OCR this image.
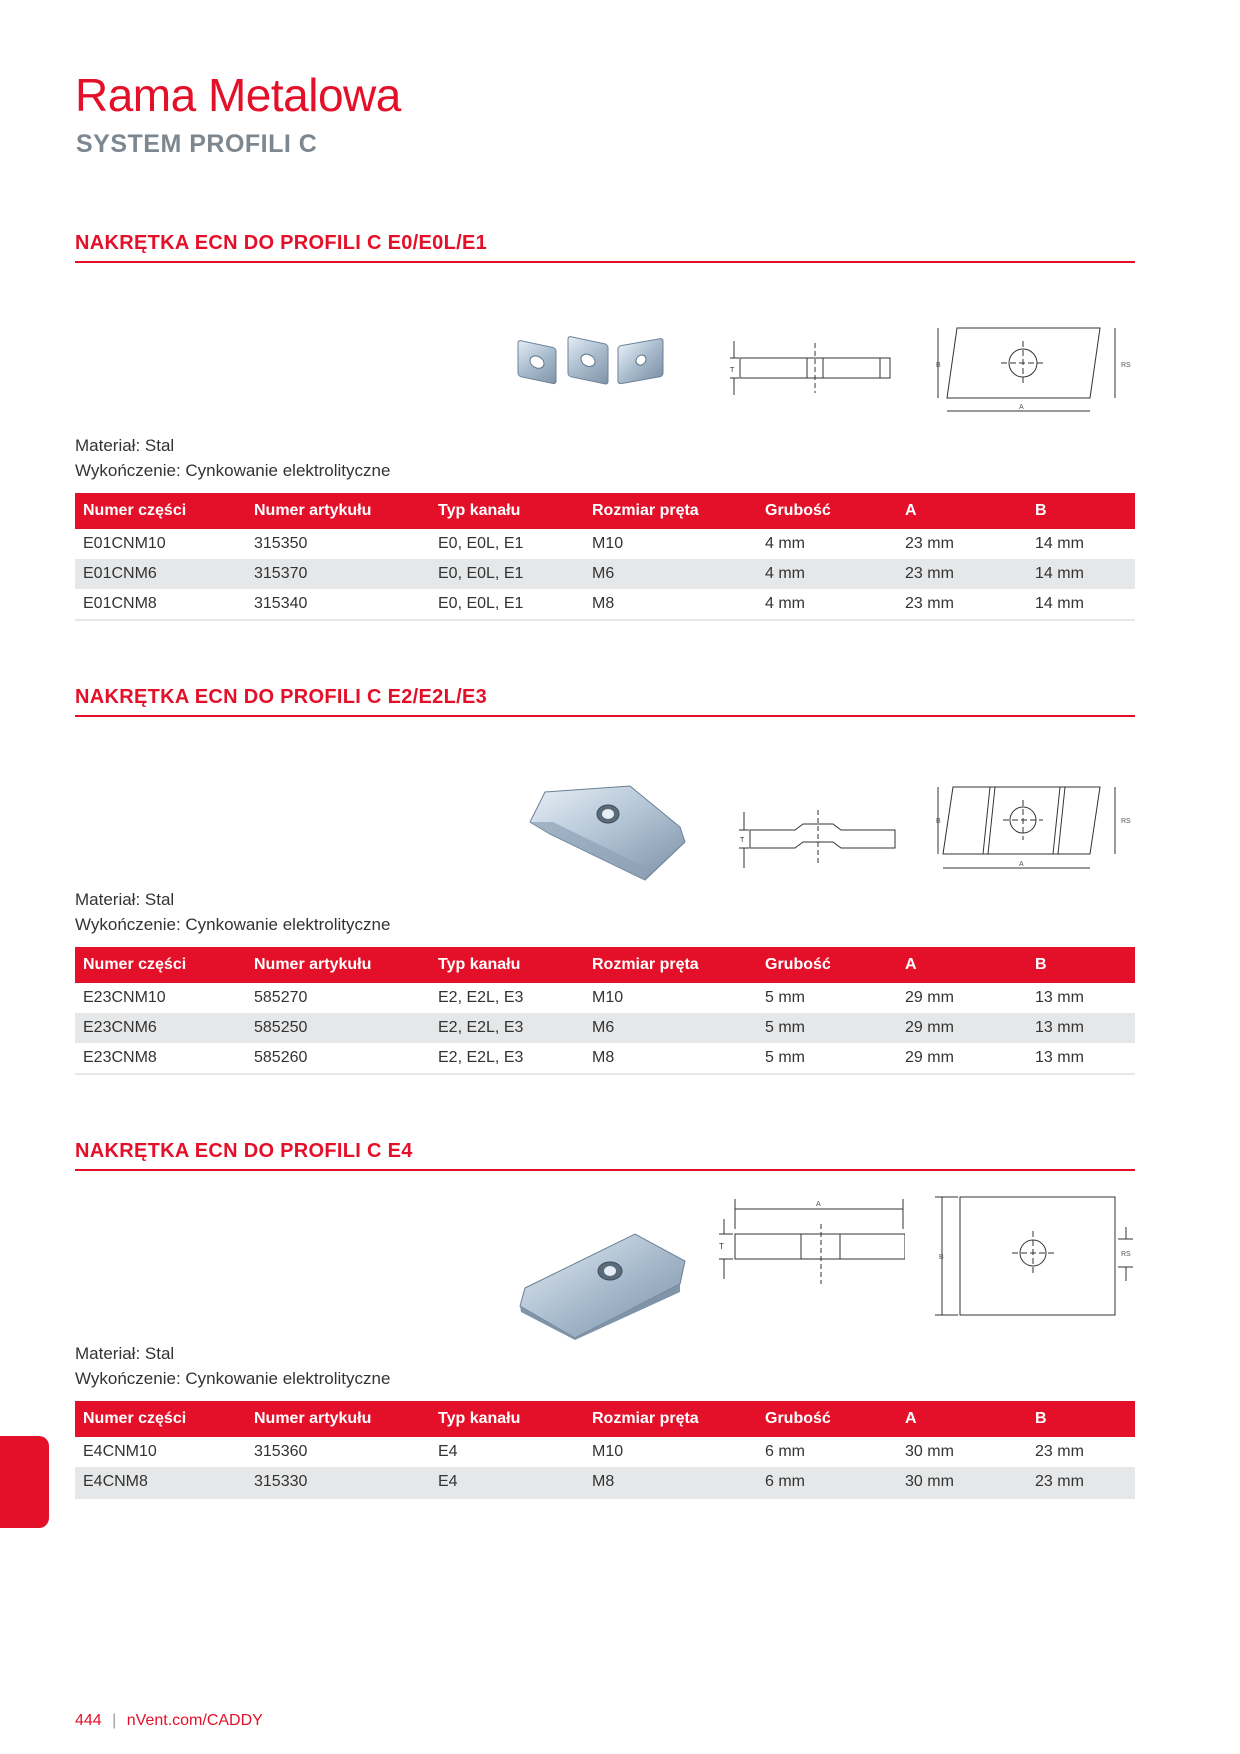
Rama Metalowa
SYSTEM PROFILI C
NAKRĘTKA ECN DO PROFILI C E0/E0L/E1
T
B	RS
A
Materiał: Stal
Wykończenie: Cynkowanie elektrolityczne
Numer części	Numer artykułu	Typ kanału	Rozmiar pręta	Grubość	A	B
E01CNM10	315350	E0, E0L, E1	M10	4 mm	23 mm	14 mm
E01CNM6	315370	E0, E0L, E1	M6	4 mm	23 mm	14 mm
E01CNM8	315340	E0, E0L, E1	M8	4 mm	23 mm	14 mm
NAKRĘTKA ECN DO PROFILI C E2/E2L/E3
T
B	RS
A
Materiał: Stal
Wykończenie: Cynkowanie elektrolityczne
Numer części	Numer artykułu	Typ kanału	Rozmiar pręta	Grubość	A	B
E23CNM10	585270	E2, E2L, E3	M10	5 mm	29 mm	13 mm
E23CNM6	585250	E2, E2L, E3	M6	5 mm	29 mm	13 mm
E23CNM8	585260	E2, E2L, E3	M8	5 mm	29 mm	13 mm
NAKRĘTKA ECN DO PROFILI C E4
A
T
B	RS
Materiał: Stal
Wykończenie: Cynkowanie elektrolityczne
Numer części	Numer artykułu	Typ kanału	Rozmiar pręta	Grubość	A	B
E4CNM10	315360	E4	M10	6 mm	30 mm	23 mm
E4CNM8	315330	E4	M8	6 mm	30 mm	23 mm
444 | nVent.com/CADDY
